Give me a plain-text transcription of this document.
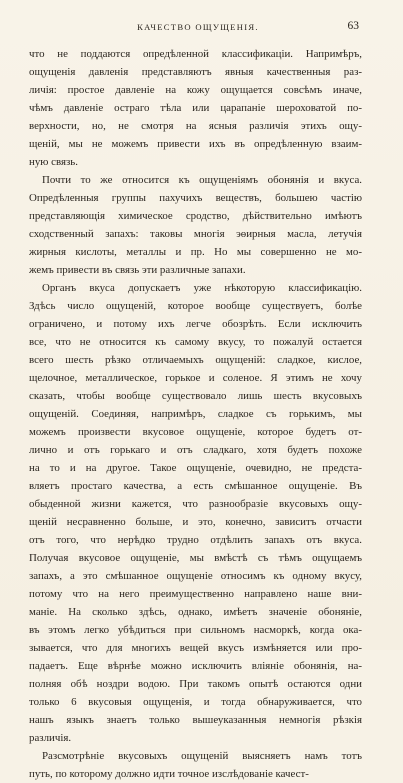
КАЧЕСТВО ОЩУЩЕНІЯ.	63
что не поддаются опредѣленной классификаціи. Напримѣръ,
ощущенія давленія представляютъ явныя качественныя раз-
личія: простое давленіе на кожу ощущается совсѣмъ иначе,
чѣмъ давленіе остраго тѣла или царапаніе шероховатой по-
верхности, но, не смотря на ясныя различія этихъ ощу-
щеній, мы не можемъ привести ихъ въ опредѣленную взаим-
ную связь.
Почти то же относится къ ощущеніямъ обонянія и вкуса.
Опредѣленныя группы пахучихъ веществъ, большею частію
представляющія химическое сродство, дѣйствительно имѣютъ
сходственный запахъ: таковы многія эѳирныя масла, летучія
жирныя кислоты, металлы и пр. Но мы совершенно не мо-
жемъ привести въ связь эти различные запахи.
Органъ вкуса допускаетъ уже нѣкоторую классификацію.
Здѣсь число ощущеній, которое вообще существуетъ, болѣе
ограничено, и потому ихъ легче обозрѣть. Если исключить
все, что не относится къ самому вкусу, то пожалуй остается
всего шесть рѣзко отличаемыхъ ощущеній: сладкое, кислое,
щелочное, металлическое, горькое и соленое. Я этимъ не хочу
сказать, чтобы вообще существовало лишь шесть вкусовыхъ
ощущеній. Соединяя, напримѣръ, сладкое съ горькимъ, мы
можемъ произвести вкусовое ощущеніе, которое будетъ от-
лично и отъ горькаго и отъ сладкаго, хотя будетъ похоже
на то и на другое. Такое ощущеніе, очевидно, не предста-
вляетъ простаго качества, а есть смѣшанное ощущеніе. Въ
обыденной жизни кажется, что разнообразіе вкусовыхъ ощу-
щеній несравненно больше, и это, конечно, зависитъ отчасти
отъ того, что нерѣдко трудно отдѣлить запахъ отъ вкуса.
Получая вкусовое ощущеніе, мы вмѣстѣ съ тѣмъ ощущаемъ
запахъ, а это смѣшанное ощущеніе относимъ къ одному вкусу,
потому что на него преимущественно направлено наше вни-
маніе. На сколько здѣсь, однако, имѣетъ значеніе обоняніе,
въ этомъ легко убѣдиться при сильномъ насморкѣ, когда ока-
зывается, что для многихъ вещей вкусъ измѣняется или про-
падаетъ. Еще вѣрнѣе можно исключить вліяніе обонянія, на-
полняя обѣ ноздри водою. При такомъ опытѣ остаются одни
только 6 вкусовыя ощущенія, и тогда обнаруживается, что
нашъ языкъ знаетъ только вышеуказанныя немногія рѣзкія
различія.
Разсмотрѣніе вкусовыхъ ощущеній выясняетъ намъ тотъ
путь, по которому должно идти точное изслѣдованіе качест-
